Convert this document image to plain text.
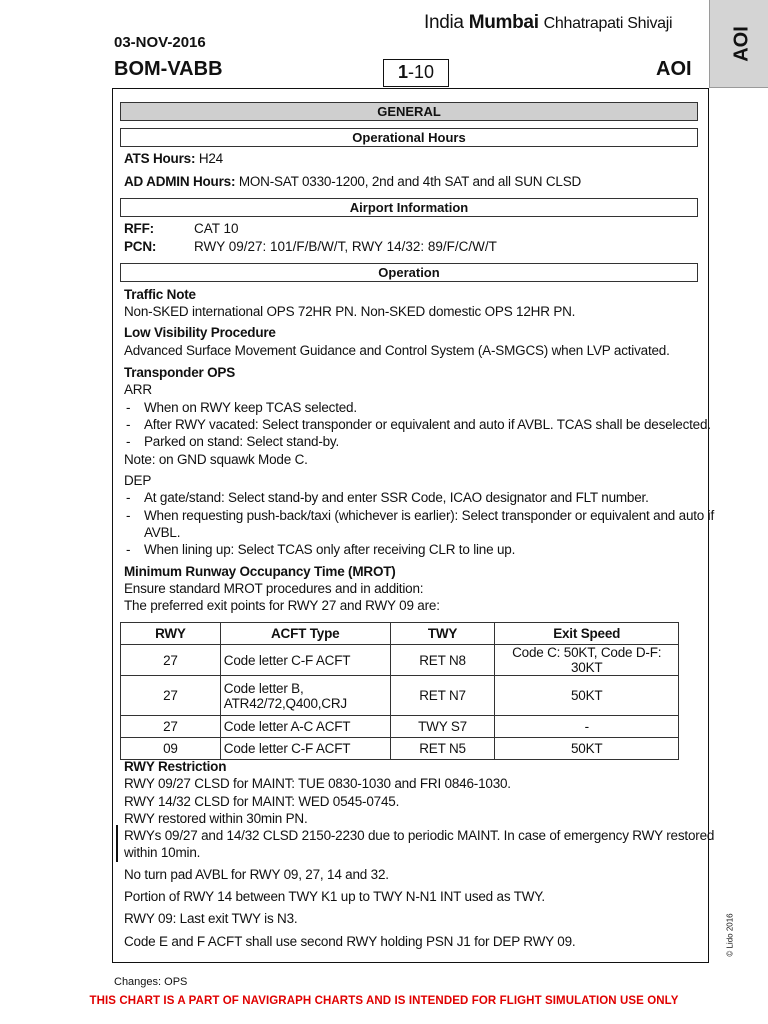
India Mumbai Chhatrapati Shivaji
03-NOV-2016
BOM-VABB	1-10	AOI
AOI
GENERAL
Operational Hours
ATS Hours: H24
AD ADMIN Hours: MON-SAT 0330-1200, 2nd and 4th SAT and all SUN CLSD
Airport Information
RFF:	CAT 10
PCN:	RWY 09/27: 101/F/B/W/T, RWY 14/32: 89/F/C/W/T
Operation
Traffic Note
Non-SKED international OPS 72HR PN. Non-SKED domestic OPS 12HR PN.
Low Visibility Procedure
Advanced Surface Movement Guidance and Control System (A-SMGCS) when LVP activated.
Transponder OPS
ARR
- When on RWY keep TCAS selected.
- After RWY vacated: Select transponder or equivalent and auto if AVBL. TCAS shall be deselected.
- Parked on stand: Select stand-by.
Note: on GND squawk Mode C.
DEP
- At gate/stand: Select stand-by and enter SSR Code, ICAO designator and FLT number.
- When requesting push-back/taxi (whichever is earlier): Select transponder or equivalent and auto if
AVBL.
- When lining up: Select TCAS only after receiving CLR to line up.
Minimum Runway Occupancy Time (MROT)
Ensure standard MROT procedures and in addition:
The preferred exit points for RWY 27 and RWY 09 are:
RWY	ACFT Type	TWY	Exit Speed
27	Code letter C-F ACFT	RET N8	Code C: 50KT, Code D-F: 30KT
27	Code letter B,
ATR42/72,Q400,CRJ	RET N7	50KT
27	Code letter A-C ACFT	TWY S7	-
09	Code letter C-F ACFT	RET N5	50KT
RWY Restriction
RWY 09/27 CLSD for MAINT: TUE 0830-1030 and FRI 0846-1030.
RWY 14/32 CLSD for MAINT: WED 0545-0745.
RWY restored within 30min PN.
RWYs 09/27 and 14/32 CLSD 2150-2230 due to periodic MAINT. In case of emergency RWY restored
within 10min.
No turn pad AVBL for RWY 09, 27, 14 and 32.
Portion of RWY 14 between TWY K1 up to TWY N-N1 INT used as TWY.
RWY 09: Last exit TWY is N3.
Code E and F ACFT shall use second RWY holding PSN J1 for DEP RWY 09.	© Lido 2016
Changes: OPS
THIS CHART IS A PART OF NAVIGRAPH CHARTS AND IS INTENDED FOR FLIGHT SIMULATION USE ONLY
